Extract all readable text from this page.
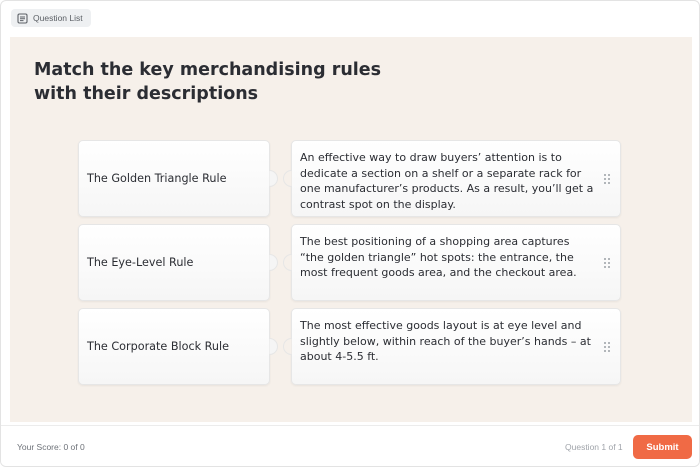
Question List
Match the key merchandising rules with their descriptions
The Golden Triangle Rule
The Eye-Level Rule
The Corporate Block Rule
An effective way to draw buyers’ attention is to dedicate a section on a shelf or a separate rack for one manufacturer’s products. As a result, you’ll get a contrast spot on the display.
The best positioning of a shopping area captures “the golden triangle” hot spots: the entrance, the most frequent goods area, and the checkout area.
The most effective goods layout is at eye level and slightly below, within reach of the buyer’s hands – at about 4-5.5 ft.
Your Score: 0 of 0	Question 1 of 1	Submit
